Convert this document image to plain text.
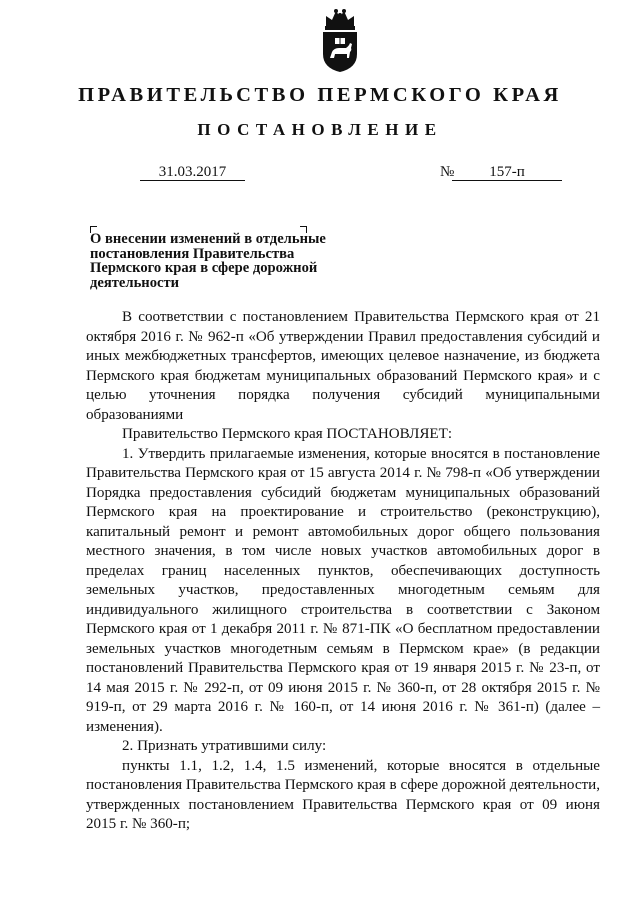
ПРАВИТЕЛЬСТВО ПЕРМСКОГО КРАЯ
ПОСТАНОВЛЕНИЕ
31.03.2017	№ 157-п
О внесении изменений в отдельные постановления Правительства Пермского края в сфере дорожной деятельности

В соответствии с постановлением Правительства Пермского края от 21 октября 2016 г. № 962-п «Об утверждении Правил предоставления субсидий и иных межбюджетных трансфертов, имеющих целевое назначение, из бюджета Пермского края бюджетам муниципальных образований Пермского края» и с целью уточнения порядка получения субсидий муниципальными образованиями

Правительство Пермского края ПОСТАНОВЛЯЕТ:

1. Утвердить прилагаемые изменения, которые вносятся в постановление Правительства Пермского края от 15 августа 2014 г. № 798-п «Об утверждении Порядка предоставления субсидий бюджетам муниципальных образований Пермского края на проектирование и строительство (реконструкцию), капитальный ремонт и ремонт автомобильных дорог общего пользования местного значения, в том числе новых участков автомобильных дорог в пределах границ населенных пунктов, обеспечивающих доступность земельных участков, предоставленных многодетным семьям для индивидуального жилищного строительства в соответствии с Законом Пермского края от 1 декабря 2011 г. № 871-ПК «О бесплатном предоставлении земельных участков многодетным семьям в Пермском крае» (в редакции постановлений Правительства Пермского края от 19 января 2015 г. № 23-п, от 14 мая 2015 г. № 292-п, от 09 июня 2015 г. № 360-п, от 28 октября 2015 г. № 919-п, от 29 марта 2016 г. № 160-п, от 14 июня 2016 г. № 361-п) (далее – изменения).

2. Признать утратившими силу:

пункты 1.1, 1.2, 1.4, 1.5 изменений, которые вносятся в отдельные постановления Правительства Пермского края в сфере дорожной деятельности, утвержденных постановлением Правительства Пермского края от 09 июня 2015 г. № 360-п;
